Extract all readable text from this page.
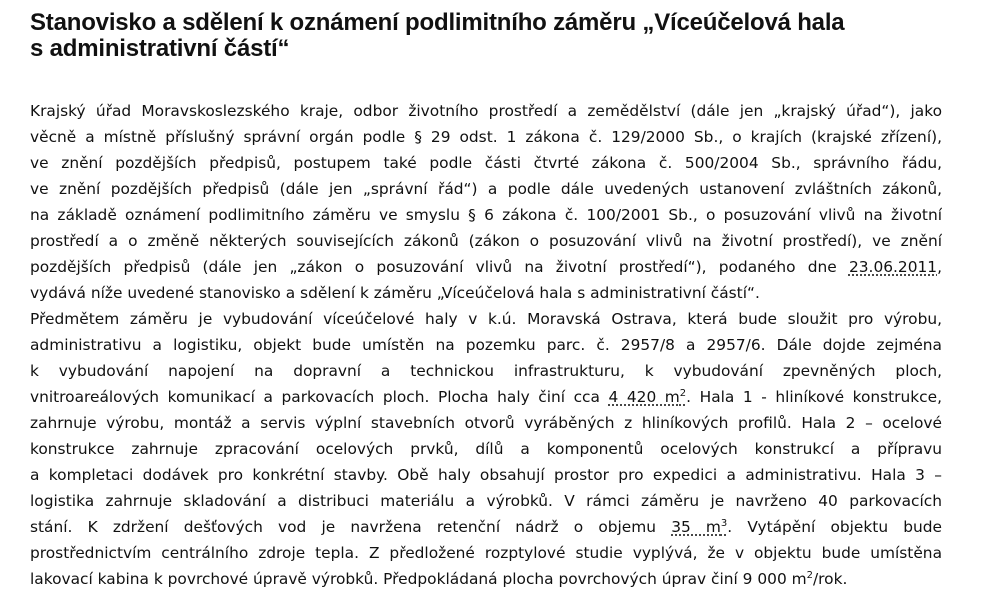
Stanovisko a sdělení k oznámení podlimitního záměru „Víceúčelová hala
s administrativní částí“
Krajský úřad Moravskoslezského kraje, odbor životního prostředí a zemědělství (dále jen „krajský úřad“), jako
věcně a místně příslušný správní orgán podle § 29 odst. 1 zákona č. 129/2000 Sb., o krajích (krajské zřízení),
ve znění pozdějších předpisů, postupem také podle části čtvrté zákona č. 500/2004 Sb., správního řádu,
ve znění pozdějších předpisů (dále jen „správní řád“) a podle dále uvedených ustanovení zvláštních zákonů,
na základě oznámení podlimitního záměru ve smyslu § 6 zákona č. 100/2001 Sb., o posuzování vlivů na životní
prostředí a o změně některých souvisejících zákonů (zákon o posuzování vlivů na životní prostředí), ve znění
pozdějších předpisů (dále jen „zákon o posuzování vlivů na životní prostředí“), podaného dne 23.06.2011,
vydává níže uvedené stanovisko a sdělení k záměru „Víceúčelová hala s administrativní částí“.
Předmětem záměru je vybudování víceúčelové haly v k.ú. Moravská Ostrava, která bude sloužit pro výrobu,
administrativu a logistiku, objekt bude umístěn na pozemku parc. č. 2957/8 a 2957/6. Dále dojde zejména
k vybudování napojení na dopravní a technickou infrastrukturu, k vybudování zpevněných ploch,
vnitroareálových komunikací a parkovacích ploch. Plocha haly činí cca 4 420 $m^2$. Hala 1 - hliníkové konstrukce,
zahrnuje výrobu, montáž a servis výplní stavebních otvorů vyráběných z hliníkových profilů. Hala 2 – ocelové
konstrukce zahrnuje zpracování ocelových prvků, dílů a komponentů ocelových konstrukcí a přípravu
a kompletaci dodávek pro konkrétní stavby. Obě haly obsahují prostor pro expedici a administrativu. Hala 3 –
logistika zahrnuje skladování a distribuci materiálu a výrobků. V rámci záměru je navrženo 40 parkovacích
stání. K zdržení dešťových vod je navržena retenční nádrž o objemu 35 $m^3$. Vytápění objektu bude
prostřednictvím centrálního zdroje tepla. Z předložené rozptylové studie vyplývá, že v objektu bude umístěna
lakovací kabina k povrchové úpravě výrobků. Předpokládaná plocha povrchových úprav činí 9 000 $m^2$/rok.
